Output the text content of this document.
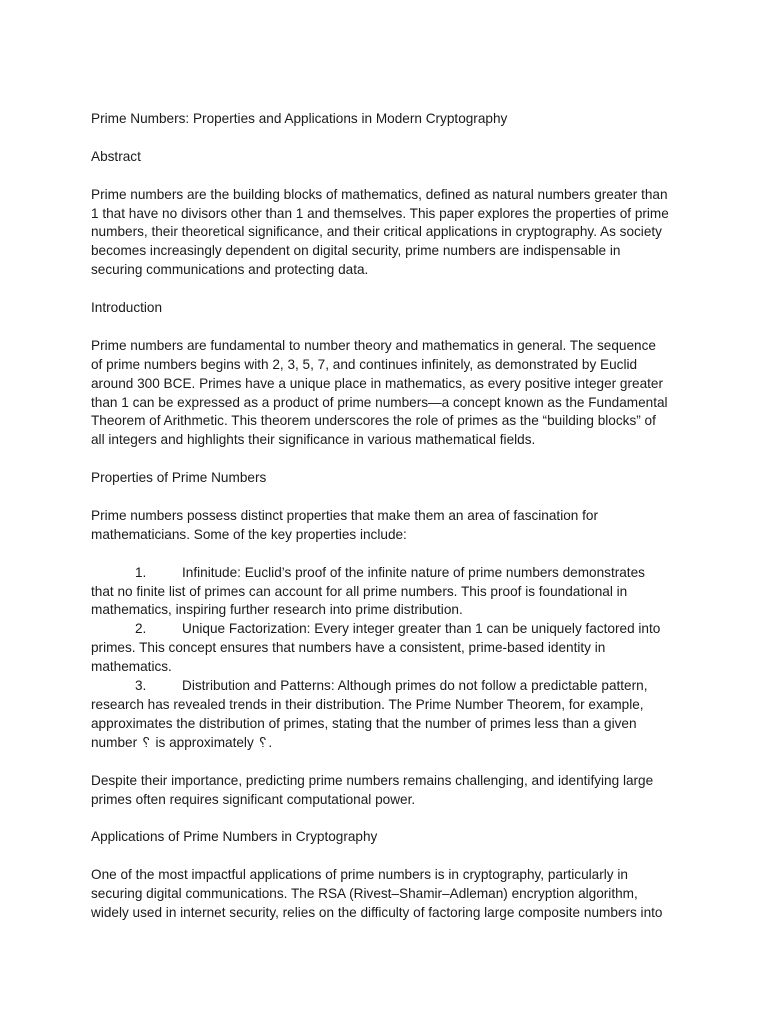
Prime Numbers: Properties and Applications in Modern Cryptography

Abstract

Prime numbers are the building blocks of mathematics, defined as natural numbers greater than 1 that have no divisors other than 1 and themselves. This paper explores the properties of prime numbers, their theoretical significance, and their critical applications in cryptography. As society becomes increasingly dependent on digital security, prime numbers are indispensable in securing communications and protecting data.

Introduction

Prime numbers are fundamental to number theory and mathematics in general. The sequence of prime numbers begins with 2, 3, 5, 7, and continues infinitely, as demonstrated by Euclid around 300 BCE. Primes have a unique place in mathematics, as every positive integer greater than 1 can be expressed as a product of prime numbers—a concept known as the Fundamental Theorem of Arithmetic. This theorem underscores the role of primes as the “building blocks” of all integers and highlights their significance in various mathematical fields.

Properties of Prime Numbers

Prime numbers possess distinct properties that make them an area of fascination for mathematicians. Some of the key properties include:

1.	Infinitude: Euclid’s proof of the infinite nature of prime numbers demonstrates that no finite list of primes can account for all prime numbers. This proof is foundational in mathematics, inspiring further research into prime distribution.
2.	Unique Factorization: Every integer greater than 1 can be uniquely factored into primes. This concept ensures that numbers have a consistent, prime-based identity in mathematics.
3.	Distribution and Patterns: Although primes do not follow a predictable pattern, research has revealed trends in their distribution. The Prime Number Theorem, for example, approximates the distribution of primes, stating that the number of primes less than a given number ␦ is approximately ␦.

Despite their importance, predicting prime numbers remains challenging, and identifying large primes often requires significant computational power.

Applications of Prime Numbers in Cryptography

One of the most impactful applications of prime numbers is in cryptography, particularly in securing digital communications. The RSA (Rivest–Shamir–Adleman) encryption algorithm, widely used in internet security, relies on the difficulty of factoring large composite numbers into
